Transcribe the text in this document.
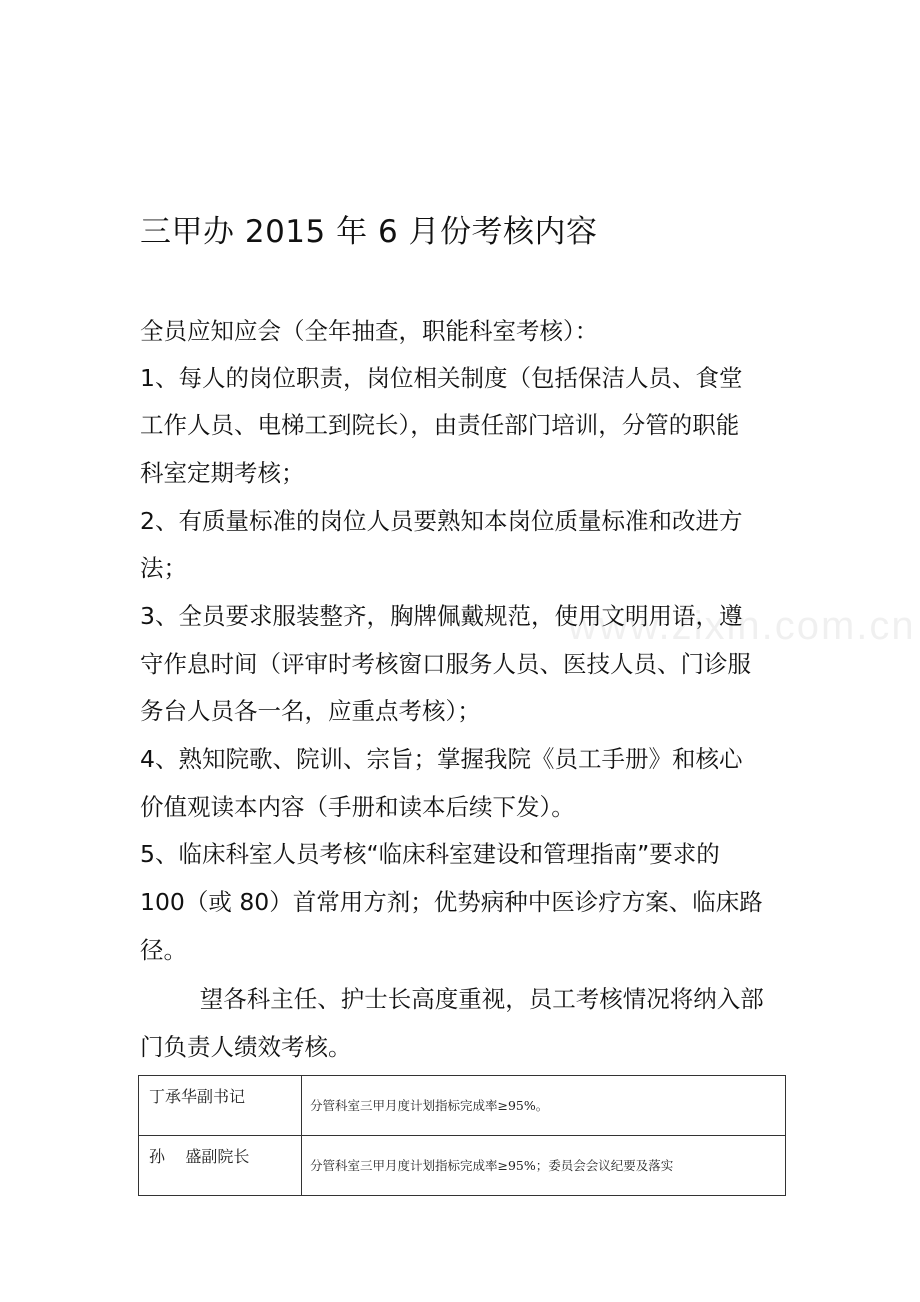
www.zixin.com.cn
三甲办 2015 年 6 月份考核内容
全员应知应会（全年抽查，职能科室考核）：
1、每人的岗位职责，岗位相关制度（包括保洁人员、食堂
工作人员、电梯工到院长），由责任部门培训，分管的职能
科室定期考核；
2、有质量标准的岗位人员要熟知本岗位质量标准和改进方
法；
3、全员要求服装整齐，胸牌佩戴规范，使用文明用语，遵
守作息时间（评审时考核窗口服务人员、医技人员、门诊服
务台人员各一名，应重点考核）；
4、熟知院歌、院训、宗旨；掌握我院《员工手册》和核心
价值观读本内容（手册和读本后续下发）。
5、临床科室人员考核“临床科室建设和管理指南”要求的
100（或 80）首常用方剂；优势病种中医诊疗方案、临床路
径。
望各科主任、护士长高度重视，员工考核情况将纳入部
门负责人绩效考核。
丁承华副书记	分管科室三甲月度计划指标完成率≥95%。
孙    盛副院长	分管科室三甲月度计划指标完成率≥95%；委员会会议纪要及落实
